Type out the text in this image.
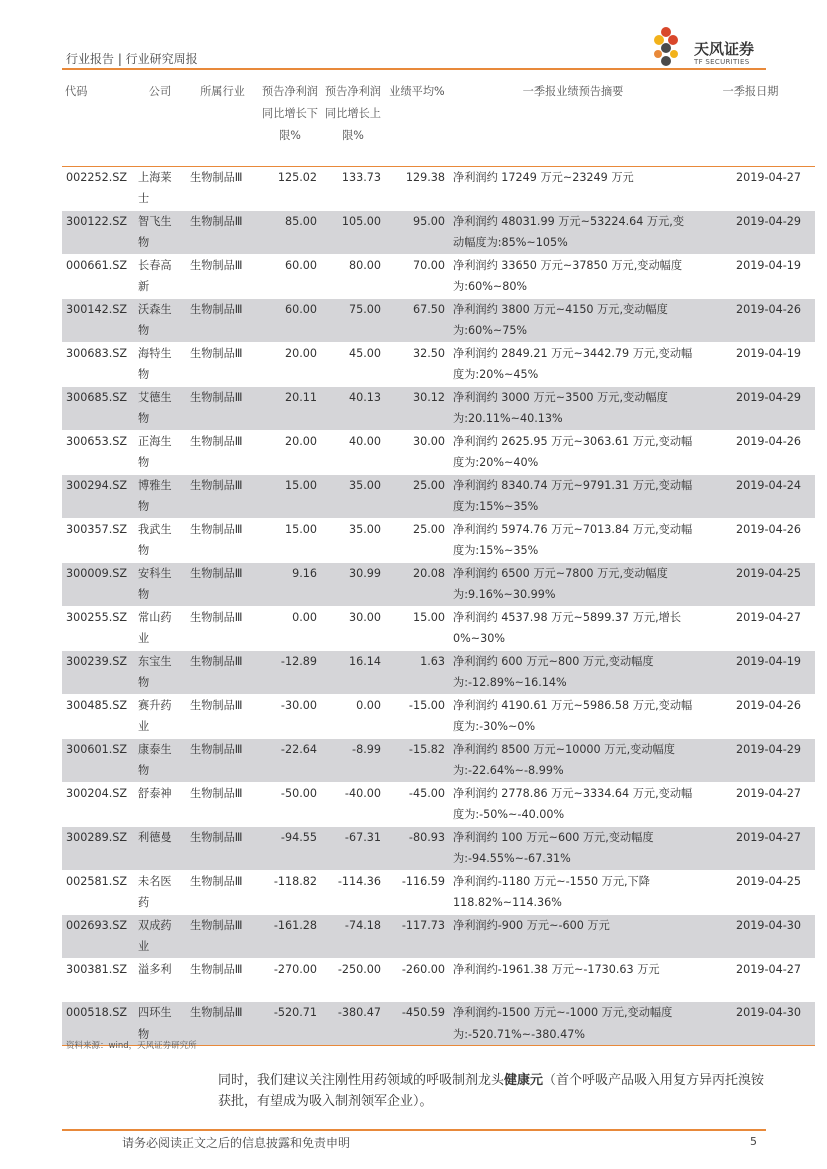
行业报告 | 行业研究周报
天风证券
TF SECURITIES
代码	公司	所属行业	预告净利润同比增长下限%	预告净利润同比增长上限%	业绩平均%	一季报业绩预告摘要	一季报日期
002252.SZ	上海莱士	生物制品Ⅲ	125.02	133.73	129.38	净利润约 17249 万元~23249 万元	2019-04-27
300122.SZ	智飞生物	生物制品Ⅲ	85.00	105.00	95.00	净利润约 48031.99 万元~53224.64 万元,变动幅度为:85%~105%	2019-04-29
000661.SZ	长春高新	生物制品Ⅲ	60.00	80.00	70.00	净利润约 33650 万元~37850 万元,变动幅度为:60%~80%	2019-04-19
300142.SZ	沃森生物	生物制品Ⅲ	60.00	75.00	67.50	净利润约 3800 万元~4150 万元,变动幅度为:60%~75%	2019-04-26
300683.SZ	海特生物	生物制品Ⅲ	20.00	45.00	32.50	净利润约 2849.21 万元~3442.79 万元,变动幅度为:20%~45%	2019-04-19
300685.SZ	艾德生物	生物制品Ⅲ	20.11	40.13	30.12	净利润约 3000 万元~3500 万元,变动幅度为:20.11%~40.13%	2019-04-29
300653.SZ	正海生物	生物制品Ⅲ	20.00	40.00	30.00	净利润约 2625.95 万元~3063.61 万元,变动幅度为:20%~40%	2019-04-26
300294.SZ	博雅生物	生物制品Ⅲ	15.00	35.00	25.00	净利润约 8340.74 万元~9791.31 万元,变动幅度为:15%~35%	2019-04-24
300357.SZ	我武生物	生物制品Ⅲ	15.00	35.00	25.00	净利润约 5974.76 万元~7013.84 万元,变动幅度为:15%~35%	2019-04-26
300009.SZ	安科生物	生物制品Ⅲ	9.16	30.99	20.08	净利润约 6500 万元~7800 万元,变动幅度为:9.16%~30.99%	2019-04-25
300255.SZ	常山药业	生物制品Ⅲ	0.00	30.00	15.00	净利润约 4537.98 万元~5899.37 万元,增长0%~30%	2019-04-27
300239.SZ	东宝生物	生物制品Ⅲ	-12.89	16.14	1.63	净利润约 600 万元~800 万元,变动幅度为:-12.89%~16.14%	2019-04-19
300485.SZ	赛升药业	生物制品Ⅲ	-30.00	0.00	-15.00	净利润约 4190.61 万元~5986.58 万元,变动幅度为:-30%~0%	2019-04-26
300601.SZ	康泰生物	生物制品Ⅲ	-22.64	-8.99	-15.82	净利润约 8500 万元~10000 万元,变动幅度为:-22.64%~-8.99%	2019-04-29
300204.SZ	舒泰神	生物制品Ⅲ	-50.00	-40.00	-45.00	净利润约 2778.86 万元~3334.64 万元,变动幅度为:-50%~-40.00%	2019-04-27
300289.SZ	利德曼	生物制品Ⅲ	-94.55	-67.31	-80.93	净利润约 100 万元~600 万元,变动幅度为:-94.55%~-67.31%	2019-04-27
002581.SZ	未名医药	生物制品Ⅲ	-118.82	-114.36	-116.59	净利润约-1180 万元~-1550 万元,下降118.82%~114.36%	2019-04-25
002693.SZ	双成药业	生物制品Ⅲ	-161.28	-74.18	-117.73	净利润约-900 万元~-600 万元	2019-04-30
300381.SZ	溢多利	生物制品Ⅲ	-270.00	-250.00	-260.00	净利润约-1961.38 万元~-1730.63 万元	2019-04-27
000518.SZ	四环生物	生物制品Ⅲ	-520.71	-380.47	-450.59	净利润约-1500 万元~-1000 万元,变动幅度为:-520.71%~-380.47%	2019-04-30
资料来源：wind，天风证券研究所
同时，我们建议关注刚性用药领域的呼吸制剂龙头健康元（首个呼吸产品吸入用复方异丙托溴铵获批，有望成为吸入制剂领军企业）。
请务必阅读正文之后的信息披露和免责申明	5
